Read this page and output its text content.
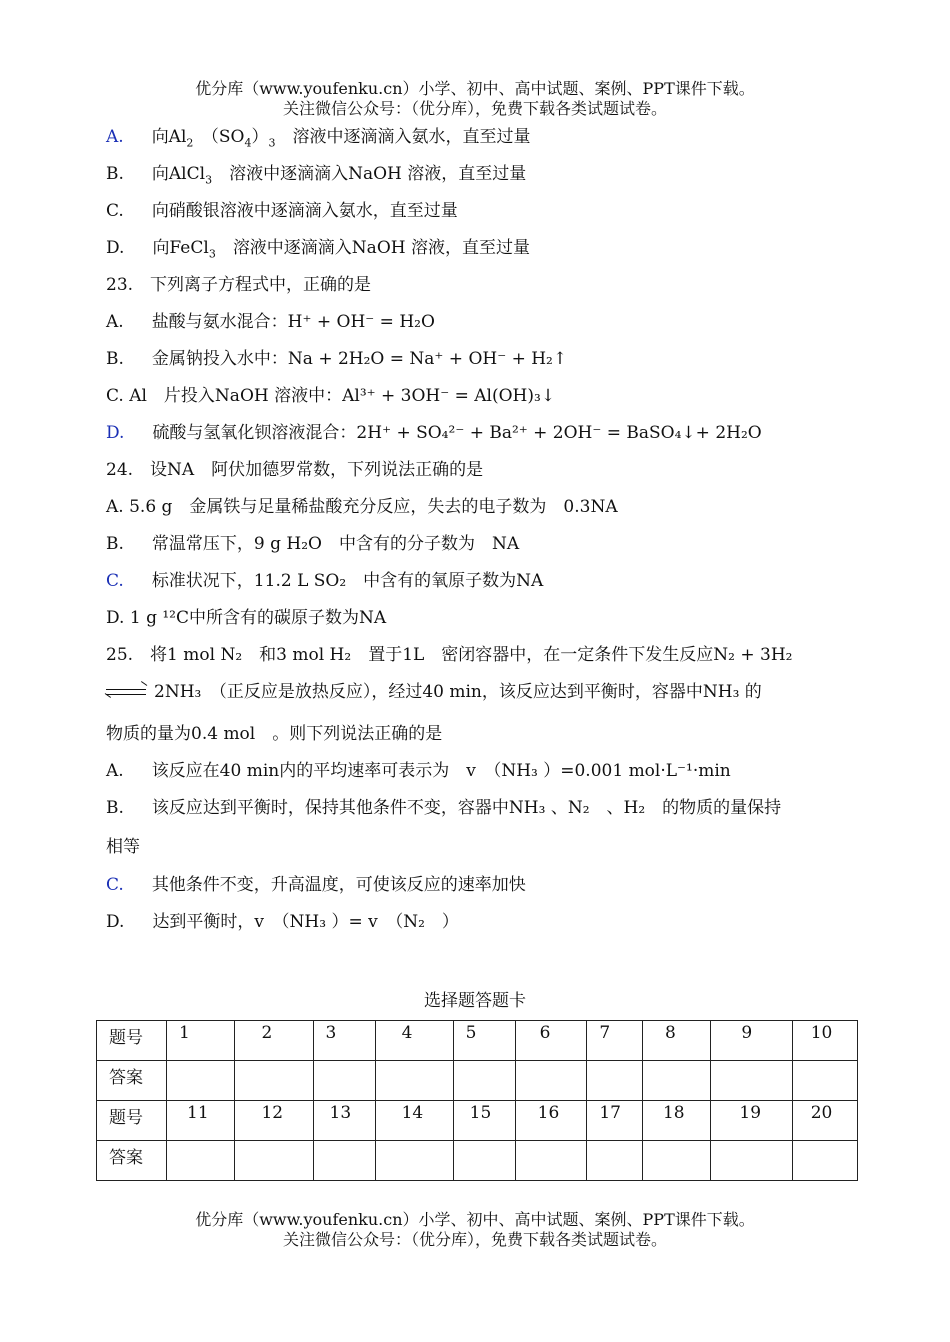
优分库（www.youfenku.cn）小学、初中、高中试题、案例、PPT课件下载。
关注微信公众号：（优分库），免费下载各类试题试卷。
A. 向$Al_2$　 $(SO_4)_3$　 溶液中逐滴滴入氨水，直至过量
B. 向AlCl$_3$　 溶液中逐滴滴入NaOH 溶液，直至过量
C. 向硝酸银溶液中逐滴滴入氨水，直至过量
D. 向FeCl$_3$　 溶液中逐滴滴入NaOH 溶液，直至过量
23.　下列离子方程式中，正确的是
A. 盐酸与氨水混合：H⁺ + OH⁻ = H₂O
B. 金属钠投入水中：Na + 2H₂O = Na⁺ + OH⁻ + H₂↑
C. Al　片投入NaOH 溶液中：Al³⁺ + 3OH⁻ = Al(OH)₃↓
D. 硫酸与氢氧化钡溶液混合：2H⁺ + SO₄²⁻ + Ba²⁺ + 2OH⁻ = BaSO₄↓+ 2H₂O
24.　设NA　阿伏加德罗常数，下列说法正确的是
A. 5.6 g　金属铁与足量稀盐酸充分反应，失去的电子数为　0.3NA
B. 常温常压下，9 g H₂O　中含有的分子数为　NA
C. 标准状况下，11.2 L SO₂　中含有的氧原子数为NA
D. 1 g ¹²C中所含有的碳原子数为NA
25.　将1 mol N₂　和3 mol H₂　置于1L　密闭容器中，在一定条件下发生反应N₂ + 3H₂
2NH₃　（正反应是放热反应），经过40 min，该反应达到平衡时，容器中NH₃ 的
物质的量为0.4 mol　。则下列说法正确的是
A. 该反应在40 min内的平均速率可表示为　v　（NH₃ ）=0.001 mol·L⁻¹·min
B. 该反应达到平衡时，保持其他条件不变，容器中NH₃ 、N₂　、H₂　的物质的量保持
相等
C. 其他条件不变，升高温度，可使该反应的速率加快
D. 达到平衡时，v　（NH₃ ）= v　（N₂　）
选择题答题卡
题号	1	2	3	4	5	6	7	8	9	10
答案										
题号	11	12	13	14	15	16	17	18	19	20
答案										
优分库（www.youfenku.cn）小学、初中、高中试题、案例、PPT课件下载。
关注微信公众号：（优分库），免费下载各类试题试卷。
